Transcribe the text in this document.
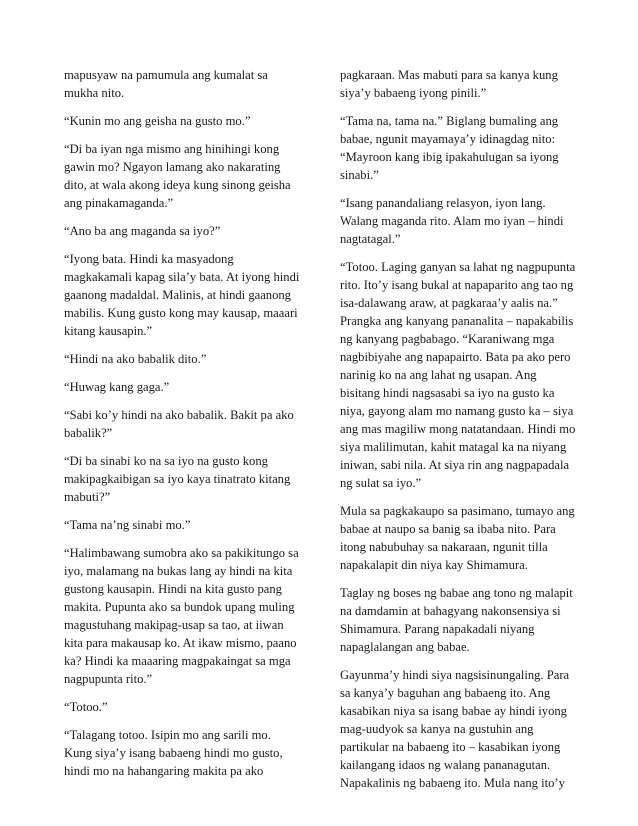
mapusyaw na pamumula ang kumalat sa
mukha nito.

“Kunin mo ang geisha na gusto mo.”

“Di ba iyan nga mismo ang hinihingi kong
gawin mo? Ngayon lamang ako nakarating
dito, at wala akong ideya kung sinong geisha
ang pinakamaganda.”

“Ano ba ang maganda sa iyo?”

“Iyong bata. Hindi ka masyadong
magkakamali kapag sila’y bata. At iyong hindi
gaanong madaldal. Malinis, at hindi gaanong
mabilis. Kung gusto kong may kausap, maaari
kitang kausapin.”

“Hindi na ako babalik dito.”

“Huwag kang gaga.”

“Sabi ko’y hindi na ako babalik. Bakit pa ako
babalik?”

“Di ba sinabi ko na sa iyo na gusto kong
makipagkaibigan sa iyo kaya tinatrato kitang
mabuti?”

“Tama na’ng sinabi mo.”

“Halimbawang sumobra ako sa pakikitungo sa
iyo, malamang na bukas lang ay hindi na kita
gustong kausapin. Hindi na kita gusto pang
makita. Pupunta ako sa bundok upang muling
magustuhang makipag-usap sa tao, at iiwan
kita para makausap ko. At ikaw mismo, paano
ka? Hindi ka maaaring magpakaingat sa mga
nagpupunta rito.”

“Totoo.”

“Talagang totoo. Isipin mo ang sarili mo.
Kung siya’y isang babaeng hindi mo gusto,
hindi mo na hahangaring makita pa ako

pagkaraan. Mas mabuti para sa kanya kung
siya’y babaeng iyong pinili.”

“Tama na, tama na.” Biglang bumaling ang
babae, ngunit mayamaya’y idinagdag nito:
“Mayroon kang ibig ipakahulugan sa iyong
sinabi.”

“Isang panandaliang relasyon, iyon lang.
Walang maganda rito. Alam mo iyan – hindi
nagtatagal.”

“Totoo. Laging ganyan sa lahat ng nagpupunta
rito. Ito’y isang bukal at napaparito ang tao ng
isa-dalawang araw, at pagkaraa’y aalis na.”
Prangka ang kanyang pananalita – napakabilis
ng kanyang pagbabago. “Karaniwang mga
nagbibiyahe ang napapairto. Bata pa ako pero
narinig ko na ang lahat ng usapan. Ang
bisitang hindi nagsasabi sa iyo na gusto ka
niya, gayong alam mo namang gusto ka – siya
ang mas magiliw mong natatandaan. Hindi mo
siya malilimutan, kahit matagal ka na niyang
iniwan, sabi nila. At siya rin ang nagpapadala
ng sulat sa iyo.”

Mula sa pagkakaupo sa pasimano, tumayo ang
babae at naupo sa banig sa ibaba nito. Para
itong nabubuhay sa nakaraan, ngunit tilla
napakalapit din niya kay Shimamura.

Taglay ng boses ng babae ang tono ng malapit
na damdamin at bahagyang nakonsensiya si
Shimamura. Parang napakadali niyang
napaglalangan ang babae.

Gayunma’y hindi siya nagsisinungaling. Para
sa kanya’y baguhan ang babaeng ito. Ang
kasabikan niya sa isang babae ay hindi iyong
mag-uudyok sa kanya na gustuhin ang
partikular na babaeng ito – kasabikan iyong
kailangang idaos ng walang pananagutan.
Napakalinis ng babaeng ito. Mula nang ito’y
